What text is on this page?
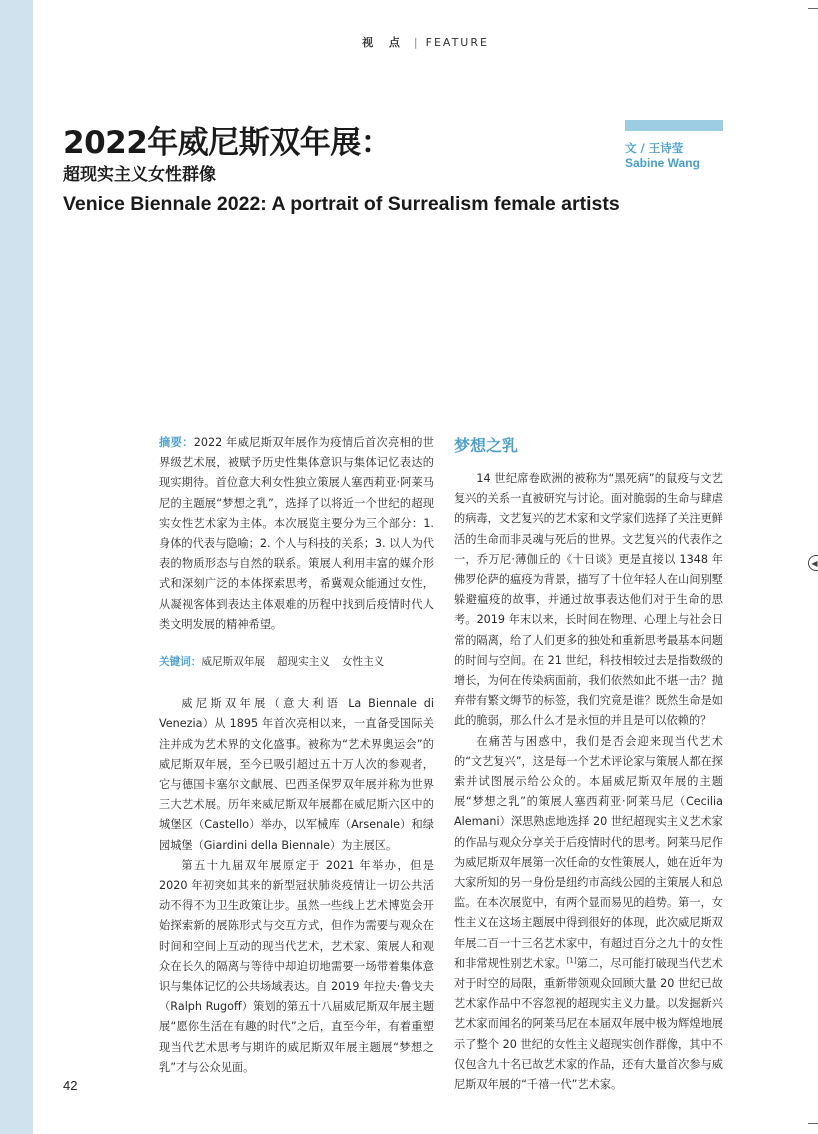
视 点 | FEATURE
2022年威尼斯双年展：
超现实主义女性群像
Venice Biennale 2022: A portrait of Surrealism female artists
文 / 王诗莹
Sabine Wang

摘要：2022 年威尼斯双年展作为疫情后首次亮相的世界级艺术展，被赋予历史性集体意识与集体记忆表达的现实期待。首位意大利女性独立策展人塞西莉亚·阿莱马尼的主题展“梦想之乳”，选择了以将近一个世纪的超现实女性艺术家为主体。本次展览主要分为三个部分：1. 身体的代表与隐喻；2. 个人与科技的关系；3. 以人为代表的物质形态与自然的联系。策展人利用丰富的媒介形式和深刻广泛的本体探索思考，希冀观众能通过女性，从凝视客体到表达主体艰难的历程中找到后疫情时代人类文明发展的精神希望。

关键词：威尼斯双年展 超现实主义 女性主义

威尼斯双年展（意大利语 La Biennale di Venezia）从 1895 年首次亮相以来，一直备受国际关注并成为艺术界的文化盛事。被称为“艺术界奥运会”的威尼斯双年展，至今已吸引超过五十万人次的参观者，它与德国卡塞尔文献展、巴西圣保罗双年展并称为世界三大艺术展。历年来威尼斯双年展都在威尼斯六区中的城堡区（Castello）举办，以军械库（Arsenale）和绿园城堡（Giardini della Biennale）为主展区。

第五十九届双年展原定于 2021 年举办，但是 2020 年初突如其来的新型冠状肺炎疫情让一切公共活动不得不为卫生政策让步。虽然一些线上艺术博览会开始探索新的展陈形式与交互方式，但作为需要与观众在时间和空间上互动的现当代艺术，艺术家、策展人和观众在长久的隔离与等待中却迫切地需要一场带着集体意识与集体记忆的公共场域表达。自 2019 年拉夫·鲁戈夫（Ralph Rugoff）策划的第五十八届威尼斯双年展主题展“愿你生活在有趣的时代”之后，直至今年，有着重塑现当代艺术思考与期许的威尼斯双年展主题展“梦想之乳”才与公众见面。

梦想之乳

14 世纪席卷欧洲的被称为“黑死病”的鼠疫与文艺复兴的关系一直被研究与讨论。面对脆弱的生命与肆虐的病毒，文艺复兴的艺术家和文学家们选择了关注更鲜活的生命而非灵魂与死后的世界。文艺复兴的代表作之一，乔万尼·薄伽丘的《十日谈》更是直接以 1348 年佛罗伦萨的瘟疫为背景，描写了十位年轻人在山间别墅躲避瘟疫的故事，并通过故事表达他们对于生命的思考。2019 年末以来，长时间在物理、心理上与社会日常的隔离，给了人们更多的独处和重新思考最基本问题的时间与空间。在 21 世纪，科技相较过去是指数级的增长，为何在传染病面前，我们依然如此不堪一击？抛弃带有繁文缛节的标签，我们究竟是谁？既然生命是如此的脆弱，那么什么才是永恒的并且是可以依赖的？

在痛苦与困惑中，我们是否会迎来现当代艺术的“文艺复兴”，这是每一个艺术评论家与策展人都在探索并试图展示给公众的。本届威尼斯双年展的主题展“梦想之乳”的策展人塞西莉亚·阿莱马尼（Cecilia Alemani）深思熟虑地选择 20 世纪超现实主义艺术家的作品与观众分享关于后疫情时代的思考。阿莱马尼作为威尼斯双年展第一次任命的女性策展人，她在近年为大家所知的另一身份是纽约市高线公园的主策展人和总监。在本次展览中，有两个显而易见的趋势。第一，女性主义在这场主题展中得到很好的体现，此次威尼斯双年展二百一十三名艺术家中，有超过百分之九十的女性和非常规性别艺术家。[1]第二，尽可能打破现当代艺术对于时空的局限，重新带领观众回顾大量 20 世纪已故艺术家作品中不容忽视的超现实主义力量。以发掘新兴艺术家而闻名的阿莱马尼在本届双年展中极为辉煌地展示了整个 20 世纪的女性主义超现实创作群像，其中不仅包含九十名已故艺术家的作品，还有大量首次参与威尼斯双年展的“千禧一代”艺术家。

42
◀
